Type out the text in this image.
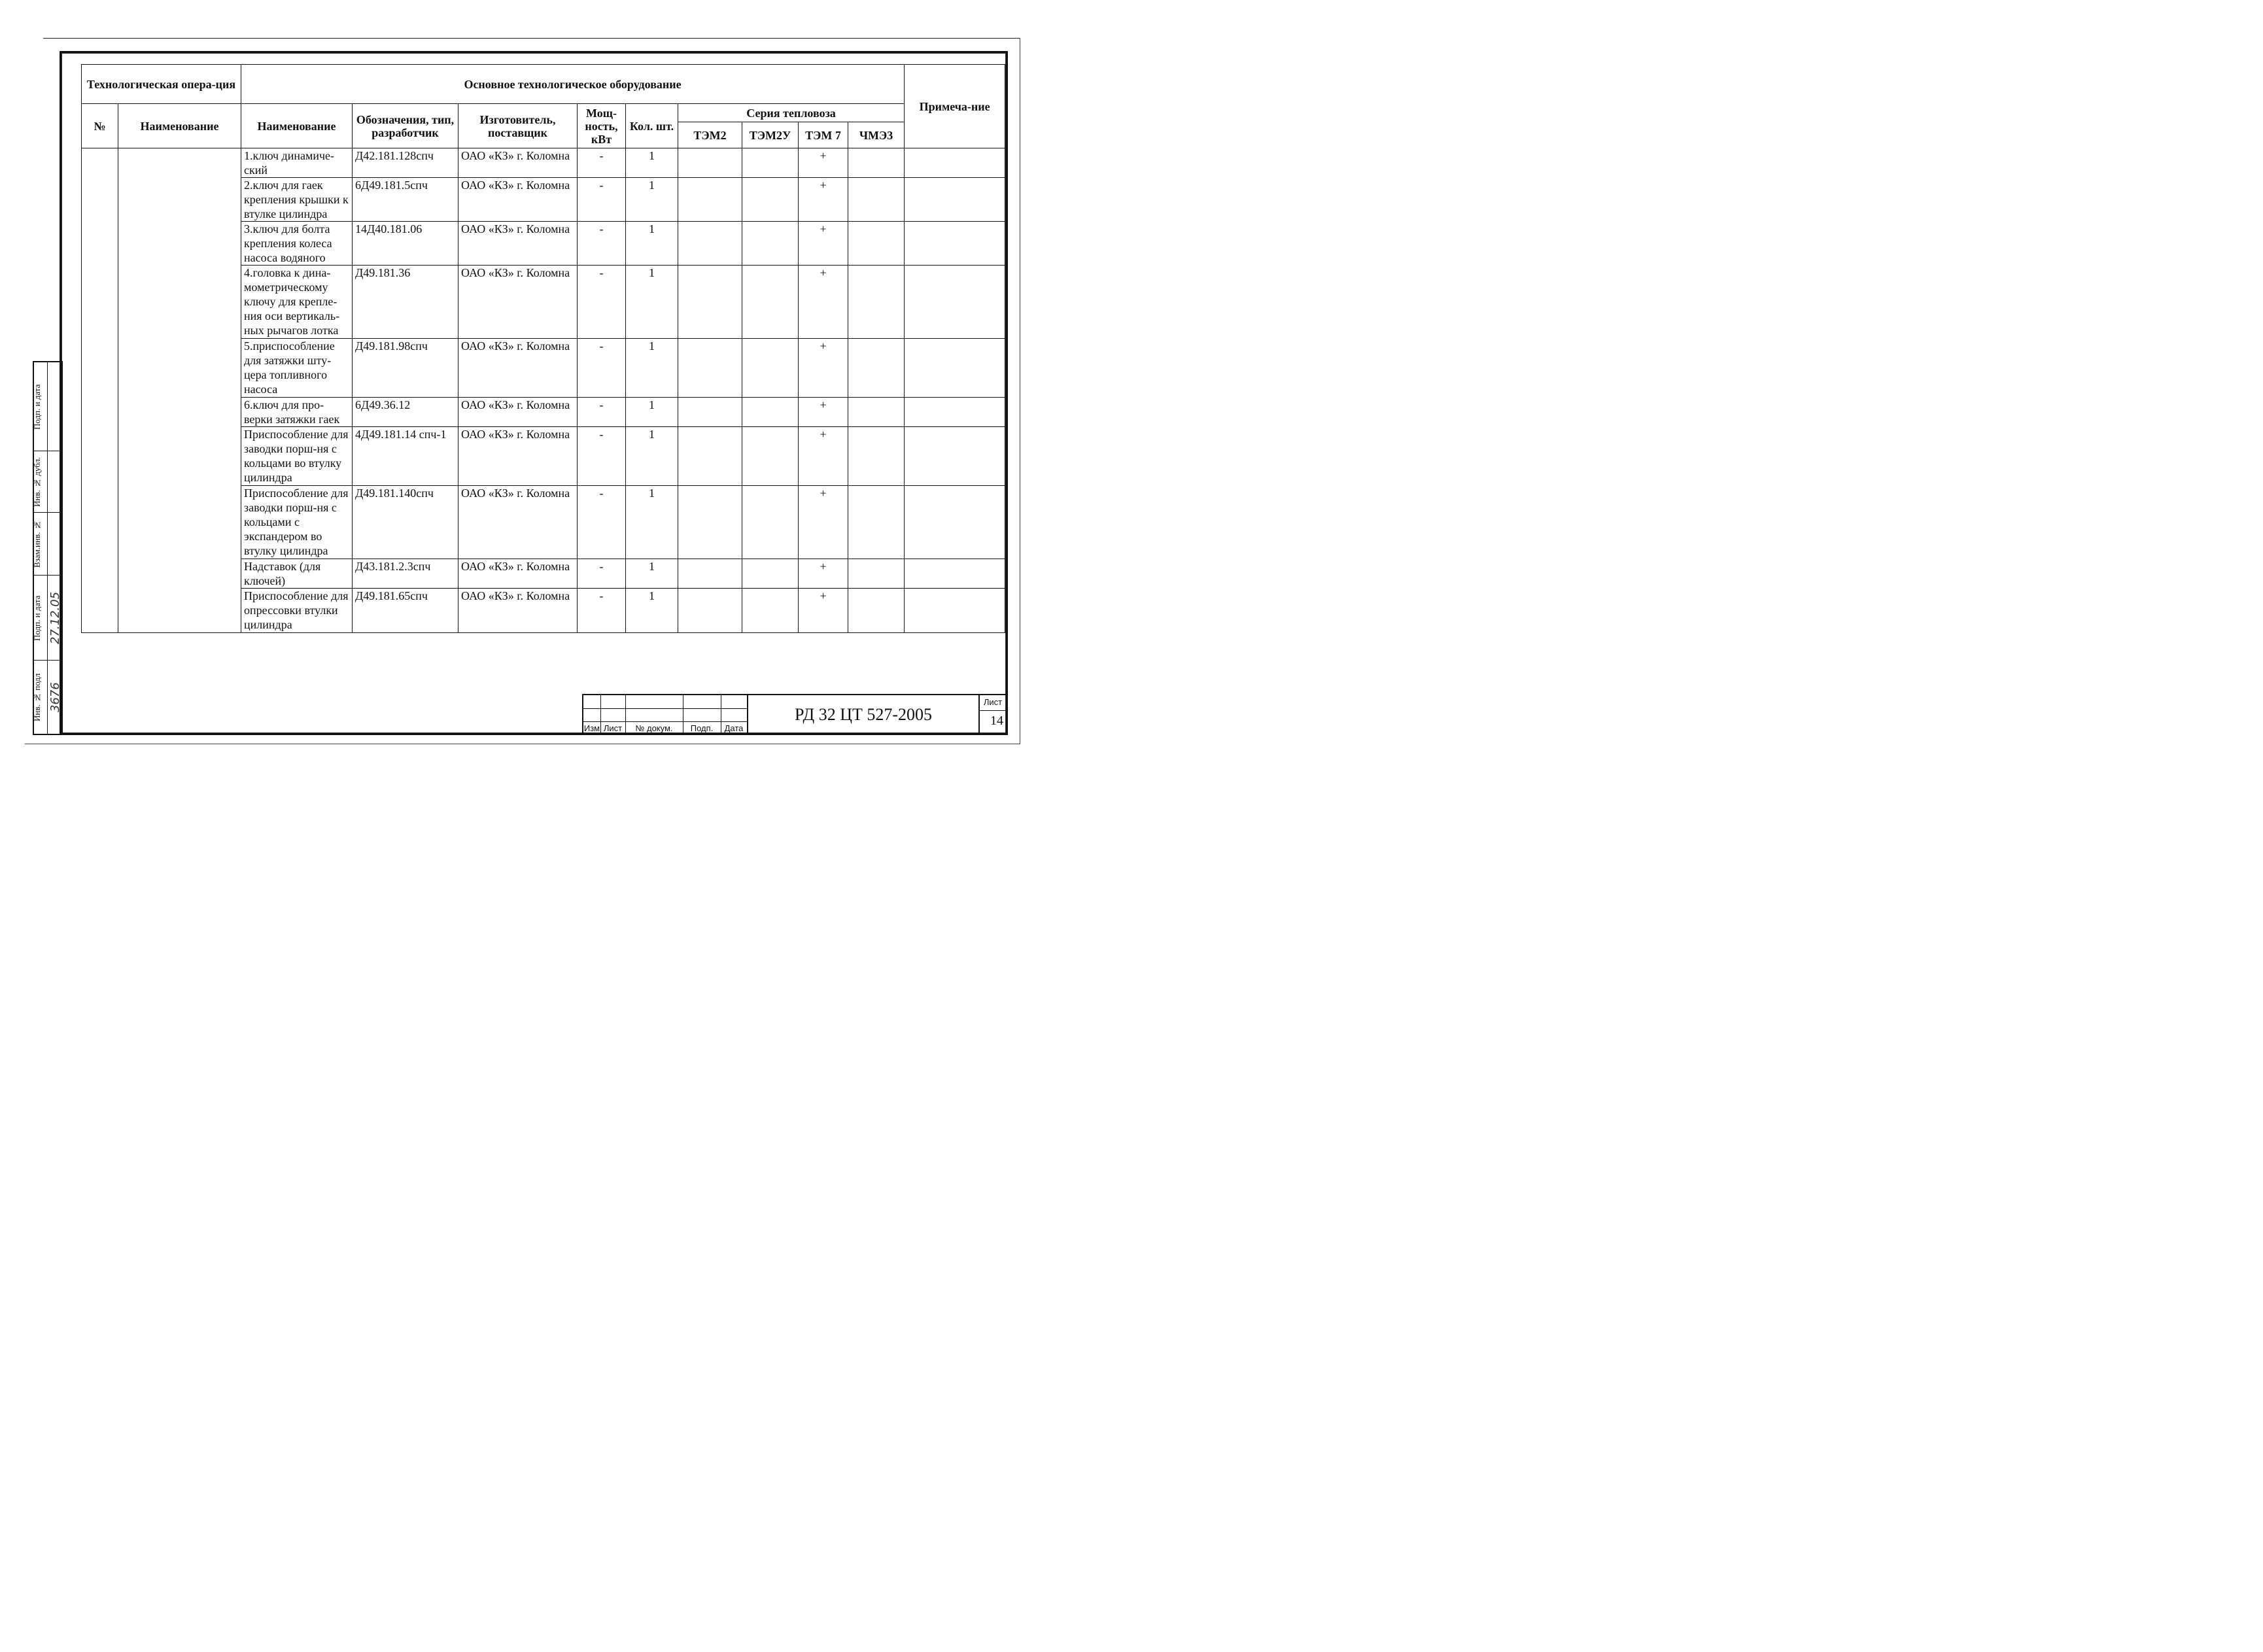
Технологическая опера-ция		Основное технологическое оборудование									Примеча-ние
№	Наименование	Наименование	Обозначения, тип, разработчик	Изготовитель, поставщик	Мощ-ность, кВт	Кол. шт.	Серия тепловоза				
							ТЭМ2	ТЭМ2У	ТЭМ 7	ЧМЭ3	
		1.ключ динамиче-ский	Д42.181.128спч	ОАО «КЗ» г. Коломна	-	1			+		
		2.ключ для гаек крепления крышки к втулке цилиндра	6Д49.181.5спч	ОАО «КЗ» г. Коломна	-	1			+		
		3.ключ для болта крепления колеса насоса водяного	14Д40.181.06	ОАО «КЗ» г. Коломна	-	1			+		
		4.головка к дина-мометрическому ключу для крепле-ния оси вертикаль-ных рычагов лотка	Д49.181.36	ОАО «КЗ» г. Коломна	-	1			+		
		5.приспособление для затяжки шту-цера топливного насоса	Д49.181.98спч	ОАО «КЗ» г. Коломна	-	1			+		
		6.ключ для про-верки затяжки гаек	6Д49.36.12	ОАО «КЗ» г. Коломна	-	1			+		
		Приспособление для заводки порш-ня с кольцами во втулку цилиндра	4Д49.181.14 спч-1	ОАО «КЗ» г. Коломна	-	1			+		
		Приспособление для заводки порш-ня с кольцами с экспандером во втулку цилиндра	Д49.181.140спч	ОАО «КЗ» г. Коломна	-	1			+		
		Надставок (для ключей)	Д43.181.2.3спч	ОАО «КЗ» г. Коломна	-	1			+		
		Приспособление для опрессовки втулки цилиндра	Д49.181.65спч	ОАО «КЗ» г. Коломна	-	1			+		
Подп. и дата
Инв. № дубл.
Взам.инв. №
Подп. и дата 27.12.05
Инв. № подл 3676
Изм Лист	№ докум.	Подп.	Дата
РД 32 ЦТ 527-2005
Лист
14
